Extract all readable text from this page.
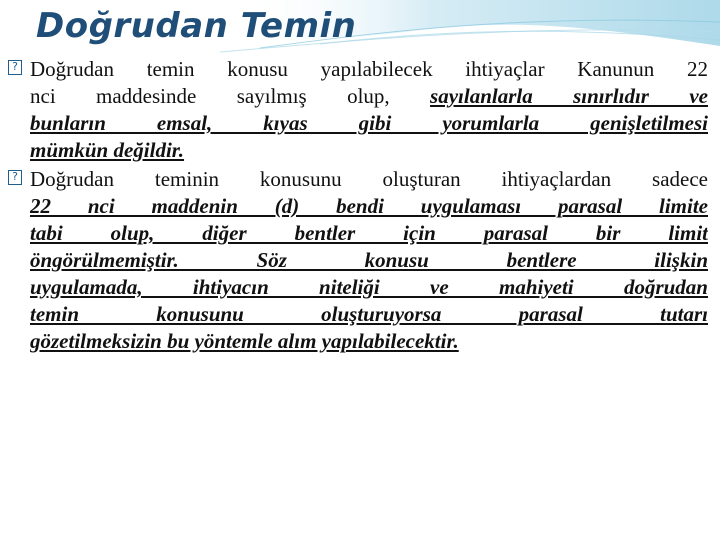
Doğrudan Temin
? Doğrudan temin konusu yapılabilecek ihtiyaçlar Kanunun 22
nci maddesinde sayılmış olup, sayılanlarla sınırlıdır ve
bunların emsal, kıyas gibi yorumlarla genişletilmesi
mümkün değildir.
? Doğrudan teminin konusunu oluşturan ihtiyaçlardan sadece
22 nci maddenin (d) bendi uygulaması parasal limite
tabi olup, diğer bentler için parasal bir limit
öngörülmemiştir. Söz konusu bentlere ilişkin
uygulamada, ihtiyacın niteliği ve mahiyeti doğrudan
temin konusunu oluşturuyorsa parasal tutarı
gözetilmeksizin bu yöntemle alım yapılabilecektir.
